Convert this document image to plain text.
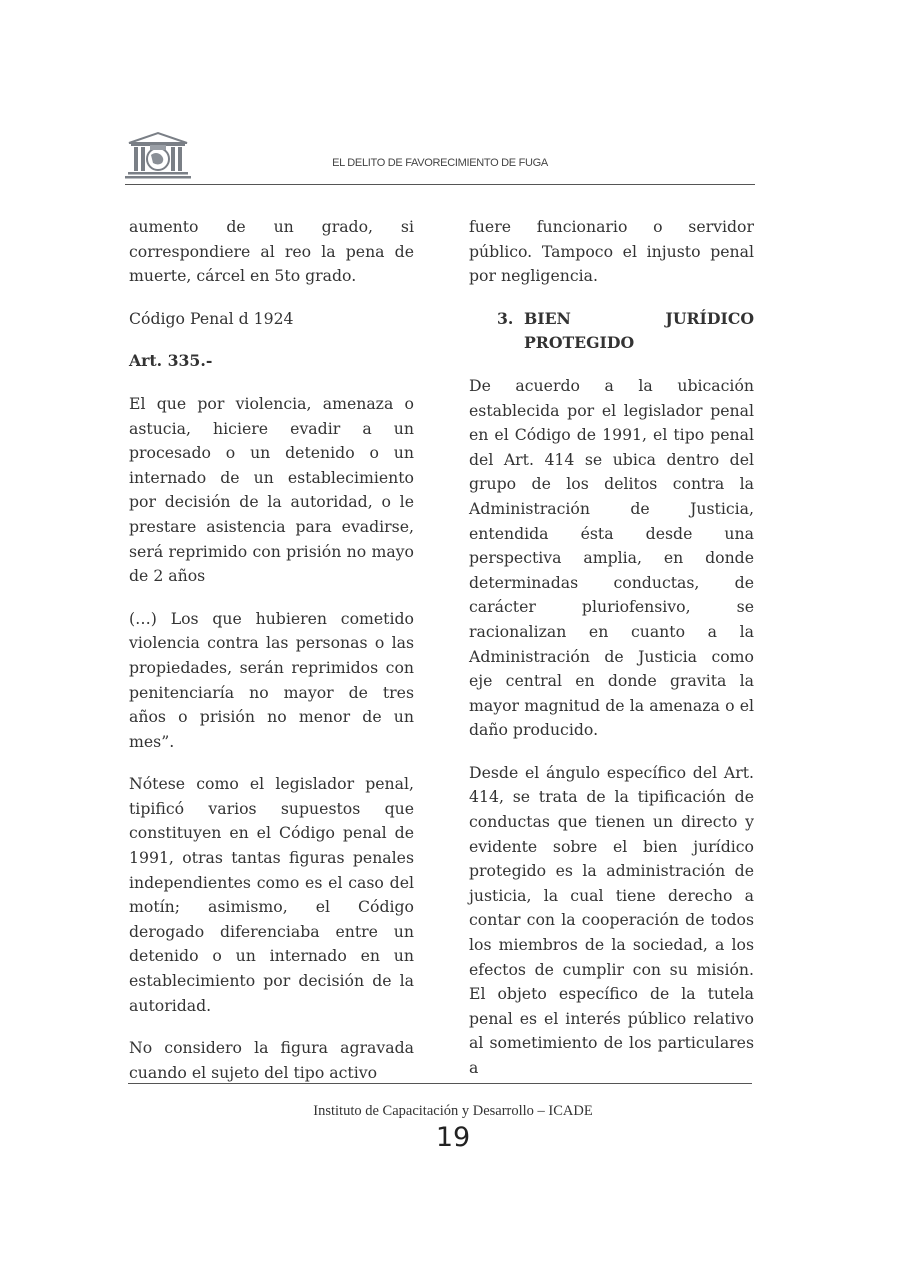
EL DELITO DE FAVORECIMIENTO DE FUGA

aumento de un grado, si correspondiere al reo la pena de muerte, cárcel en 5to grado.

Código Penal d 1924

Art. 335.-

El que por violencia, amenaza o astucia, hiciere evadir a un procesado o un detenido o un internado de un establecimiento por decisión de la autoridad, o le prestare asistencia para evadirse, será reprimido con prisión no mayo de 2 años

(…) Los que hubieren cometido violencia contra las personas o las propiedades, serán reprimidos con penitenciaría no mayor de tres años o prisión no menor de un mes”.

Nótese como el legislador penal, tipificó varios supuestos que constituyen en el Código penal de 1991, otras tantas figuras penales independientes como es el caso del motín; asimismo, el Código derogado diferenciaba entre un detenido o un internado en un establecimiento por decisión de la autoridad.

No considero la figura agravada cuando el sujeto del tipo activo

fuere funcionario o servidor público. Tampoco el injusto penal por negligencia.

3. BIEN	JURÍDICO
PROTEGIDO

De acuerdo a la ubicación establecida por el legislador penal en el Código de 1991, el tipo penal del Art. 414 se ubica dentro del grupo de los delitos contra la Administración de Justicia, entendida ésta desde una perspectiva amplia, en donde determinadas conductas, de carácter pluriofensivo, se racionalizan en cuanto a la Administración de Justicia como eje central en donde gravita la mayor magnitud de la amenaza o el daño producido.

Desde el ángulo específico del Art. 414, se trata de la tipificación de conductas que tienen un directo y evidente sobre el bien jurídico protegido es la administración de justicia, la cual tiene derecho a contar con la cooperación de todos los miembros de la sociedad, a los efectos de cumplir con su misión. El objeto específico de la tutela penal es el interés público relativo al sometimiento de los particulares a

Instituto de Capacitación y Desarrollo – ICADE
19
